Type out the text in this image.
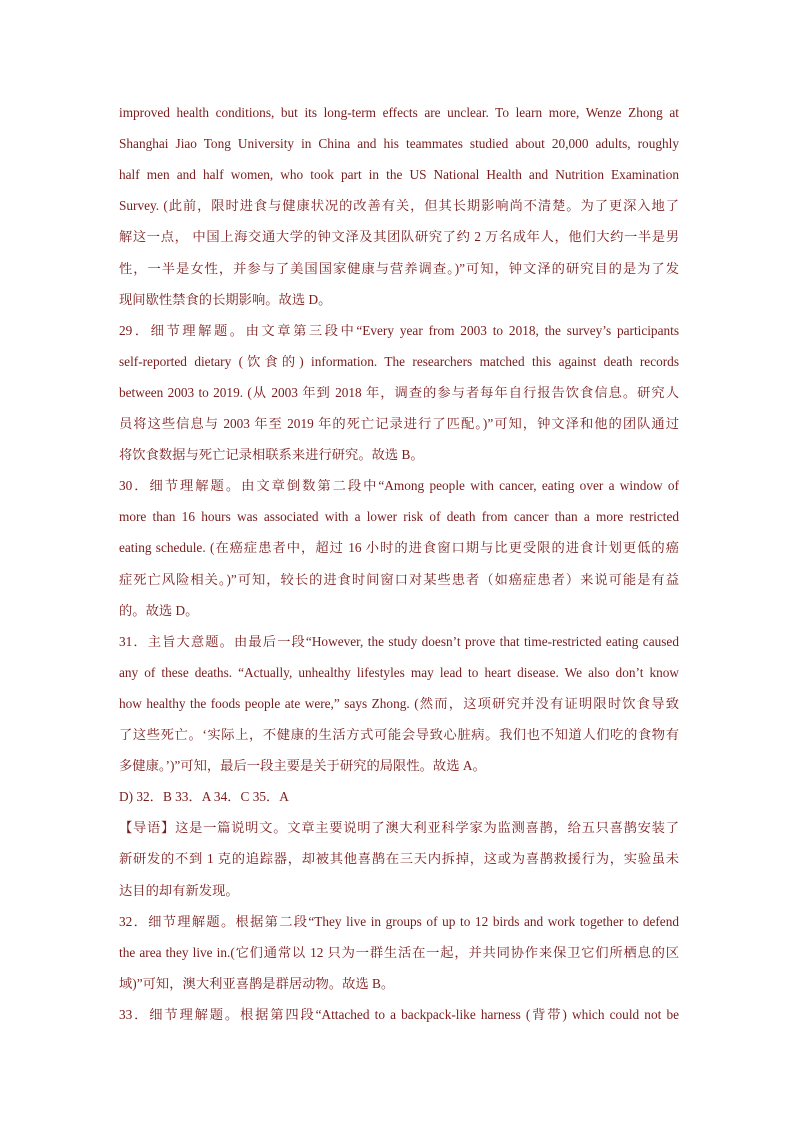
improved health conditions, but its long-term effects are unclear. To learn more, Wenze Zhong at
Shanghai Jiao Tong University in China and his teammates studied about 20,000 adults, roughly
half men and half women, who took part in the US National Health and Nutrition Examination
Survey. (此前，限时进食与健康状况的改善有关，但其长期影响尚不清楚。为了更深入地了
解这一点， 中国上海交通大学的钟文泽及其团队研究了约 2 万名成年人，他们大约一半是男
性，一半是女性，并参与了美国国家健康与营养调查。)”可知，钟文泽的研究目的是为了发
现间歇性禁食的长期影响。故选 D。
29．细节理解题。由文章第三段中“Every year from 2003 to 2018, the survey’s participants
self-reported dietary (饮食的) information. The researchers matched this against death records
between 2003 to 2019. (从 2003 年到 2018 年，调查的参与者每年自行报告饮食信息。研究人
员将这些信息与 2003 年至 2019 年的死亡记录进行了匹配。)”可知，钟文泽和他的团队通过
将饮食数据与死亡记录相联系来进行研究。故选 B。
30．细节理解题。由文章倒数第二段中“Among people with cancer, eating over a window of
more than 16 hours was associated with a lower risk of death from cancer than a more restricted
eating schedule. (在癌症患者中，超过 16 小时的进食窗口期与比更受限的进食计划更低的癌
症死亡风险相关。)”可知，较长的进食时间窗口对某些患者（如癌症患者）来说可能是有益
的。故选 D。
31．主旨大意题。由最后一段“However, the study doesn’t prove that time-restricted eating caused
any of these deaths. “Actually, unhealthy lifestyles may lead to heart disease. We also don’t know
how healthy the foods people ate were,” says Zhong. (然而，这项研究并没有证明限时饮食导致
了这些死亡。‘实际上，不健康的生活方式可能会导致心脏病。我们也不知道人们吃的食物有
多健康。’)”可知，最后一段主要是关于研究的局限性。故选 A。
D) 32．B 33．A 34．C 35．A
【导语】这是一篇说明文。文章主要说明了澳大利亚科学家为监测喜鹊，给五只喜鹊安装了
新研发的不到 1 克的追踪器，却被其他喜鹊在三天内拆掉，这或为喜鹊救援行为，实验虽未
达目的却有新发现。
32．细节理解题。根据第二段“They live in groups of up to 12 birds and work together to defend
the area they live in.(它们通常以 12 只为一群生活在一起，并共同协作来保卫它们所栖息的区
域)”可知，澳大利亚喜鹊是群居动物。故选 B。
33．细节理解题。根据第四段“Attached to a backpack-like harness (背带) which could not be
